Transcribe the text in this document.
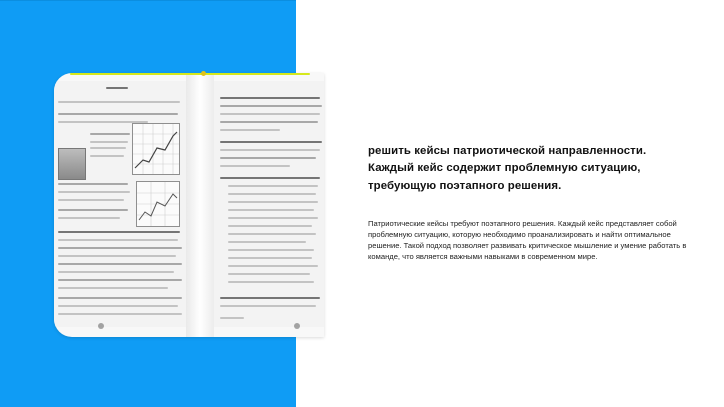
решить кейсы патриотической направленности. Каждый кейс содержит проблемную ситуацию, требующую поэтапного решения.

Патриотические кейсы требуют поэтапного решения. Каждый кейс представляет собой проблемную ситуацию, которую необходимо проанализировать и найти оптимальное решение. Такой подход позволяет развивать критическое мышление и умение работать в команде, что является важными навыками в современном мире.
